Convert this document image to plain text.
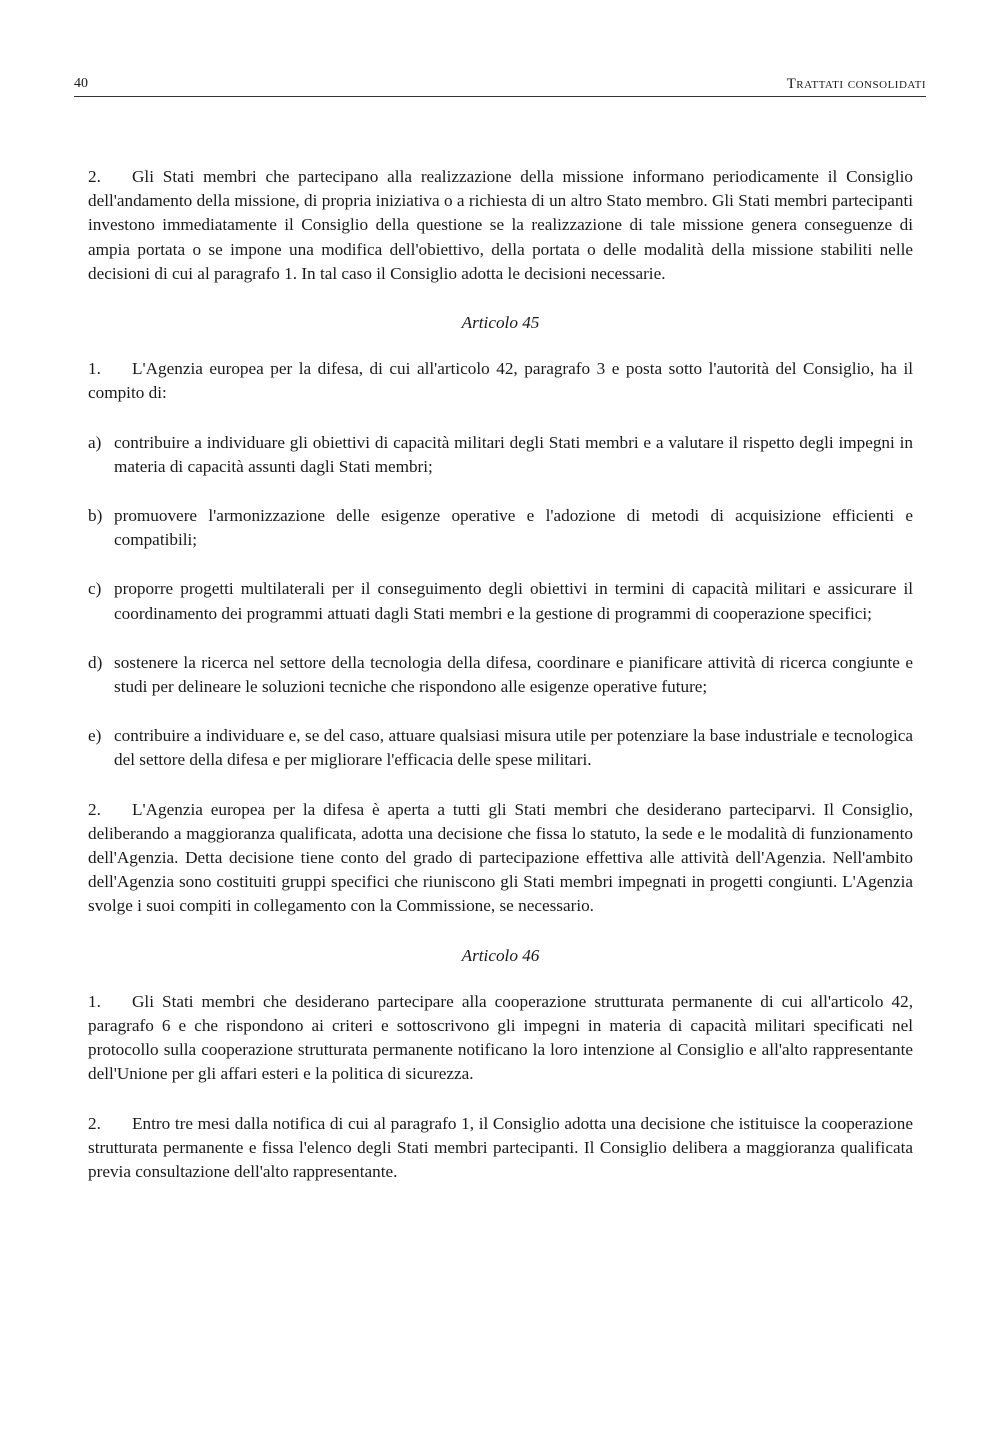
40	Trattati consolidati

2. Gli Stati membri che partecipano alla realizzazione della missione informano periodicamente il Consiglio dell'andamento della missione, di propria iniziativa o a richiesta di un altro Stato membro. Gli Stati membri partecipanti investono immediatamente il Consiglio della questione se la realizzazione di tale missione genera conseguenze di ampia portata o se impone una modifica dell'obiettivo, della portata o delle modalità della missione stabiliti nelle decisioni di cui al paragrafo 1. In tal caso il Consiglio adotta le decisioni necessarie.

Articolo 45

1. L'Agenzia europea per la difesa, di cui all'articolo 42, paragrafo 3 e posta sotto l'autorità del Consiglio, ha il compito di:

a) contribuire a individuare gli obiettivi di capacità militari degli Stati membri e a valutare il rispetto degli impegni in materia di capacità assunti dagli Stati membri;
b) promuovere l'armonizzazione delle esigenze operative e l'adozione di metodi di acquisizione efficienti e compatibili;
c) proporre progetti multilaterali per il conseguimento degli obiettivi in termini di capacità militari e assicurare il coordinamento dei programmi attuati dagli Stati membri e la gestione di programmi di cooperazione specifici;
d) sostenere la ricerca nel settore della tecnologia della difesa, coordinare e pianificare attività di ricerca congiunte e studi per delineare le soluzioni tecniche che rispondono alle esigenze operative future;
e) contribuire a individuare e, se del caso, attuare qualsiasi misura utile per potenziare la base industriale e tecnologica del settore della difesa e per migliorare l'efficacia delle spese militari.

2. L'Agenzia europea per la difesa è aperta a tutti gli Stati membri che desiderano parteciparvi. Il Consiglio, deliberando a maggioranza qualificata, adotta una decisione che fissa lo statuto, la sede e le modalità di funzionamento dell'Agenzia. Detta decisione tiene conto del grado di partecipazione effettiva alle attività dell'Agenzia. Nell'ambito dell'Agenzia sono costituiti gruppi specifici che riuniscono gli Stati membri impegnati in progetti congiunti. L'Agenzia svolge i suoi compiti in collegamento con la Commissione, se necessario.

Articolo 46

1. Gli Stati membri che desiderano partecipare alla cooperazione strutturata permanente di cui all'articolo 42, paragrafo 6 e che rispondono ai criteri e sottoscrivono gli impegni in materia di capacità militari specificati nel protocollo sulla cooperazione strutturata permanente notificano la loro intenzione al Consiglio e all'alto rappresentante dell'Unione per gli affari esteri e la politica di sicurezza.

2. Entro tre mesi dalla notifica di cui al paragrafo 1, il Consiglio adotta una decisione che istituisce la cooperazione strutturata permanente e fissa l'elenco degli Stati membri partecipanti. Il Consiglio delibera a maggioranza qualificata previa consultazione dell'alto rappresentante.
